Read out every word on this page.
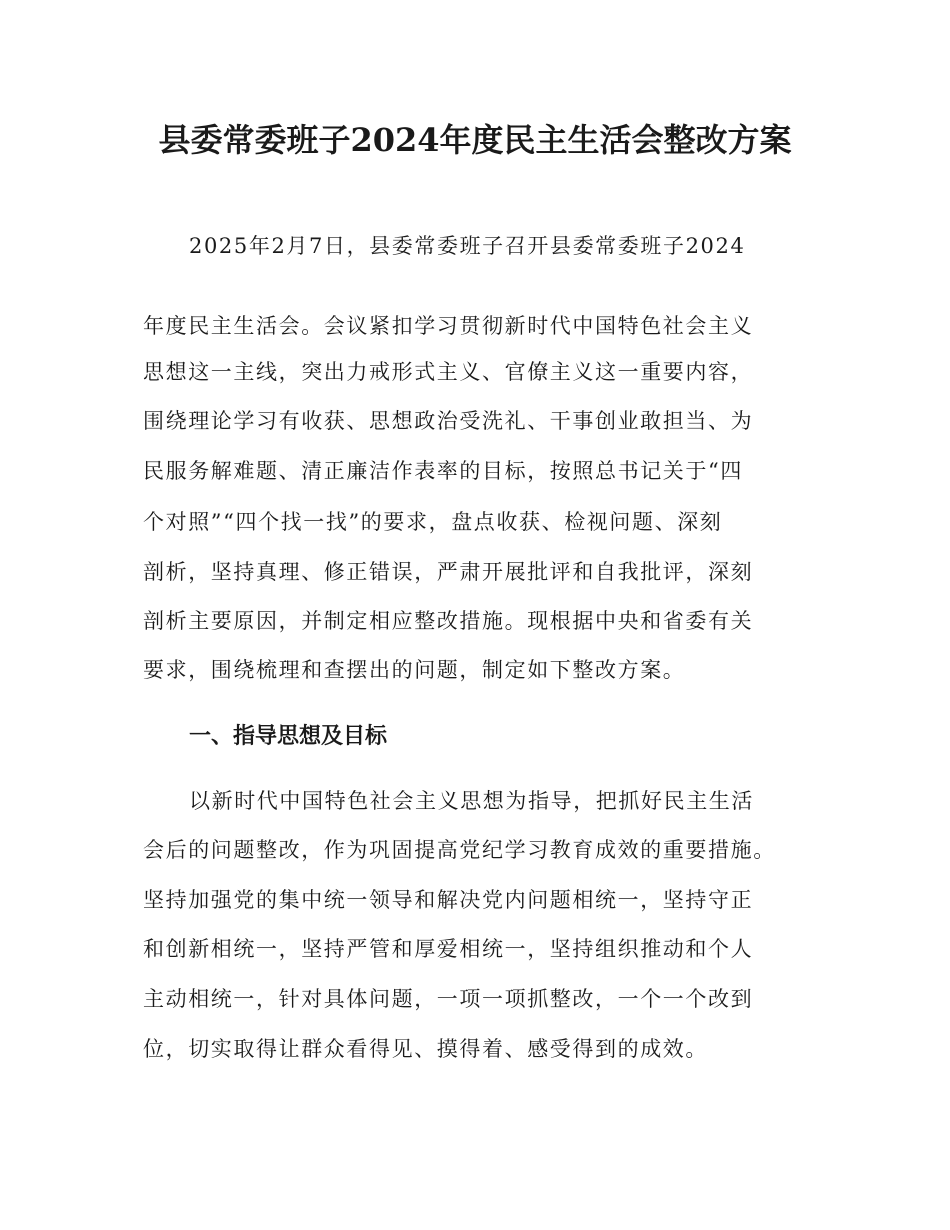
县委常委班子2024年度民主生活会整改方案

2025年2月7日，县委常委班子召开县委常委班子2024

年度民主生活会。会议紧扣学习贯彻新时代中国特色社会主义

思想这一主线，突出力戒形式主义、官僚主义这一重要内容，

围绕理论学习有收获、思想政治受洗礼、干事创业敢担当、为

民服务解难题、清正廉洁作表率的目标，按照总书记关于“四

个对照”“四个找一找”的要求，盘点收获、检视问题、深刻

剖析，坚持真理、修正错误，严肃开展批评和自我批评，深刻

剖析主要原因，并制定相应整改措施。现根据中央和省委有关

要求，围绕梳理和查摆出的问题，制定如下整改方案。

一、指导思想及目标

以新时代中国特色社会主义思想为指导，把抓好民主生活

会后的问题整改，作为巩固提高党纪学习教育成效的重要措施。

坚持加强党的集中统一领导和解决党内问题相统一，坚持守正

和创新相统一，坚持严管和厚爱相统一，坚持组织推动和个人

主动相统一，针对具体问题，一项一项抓整改，一个一个改到

位，切实取得让群众看得见、摸得着、感受得到的成效。
